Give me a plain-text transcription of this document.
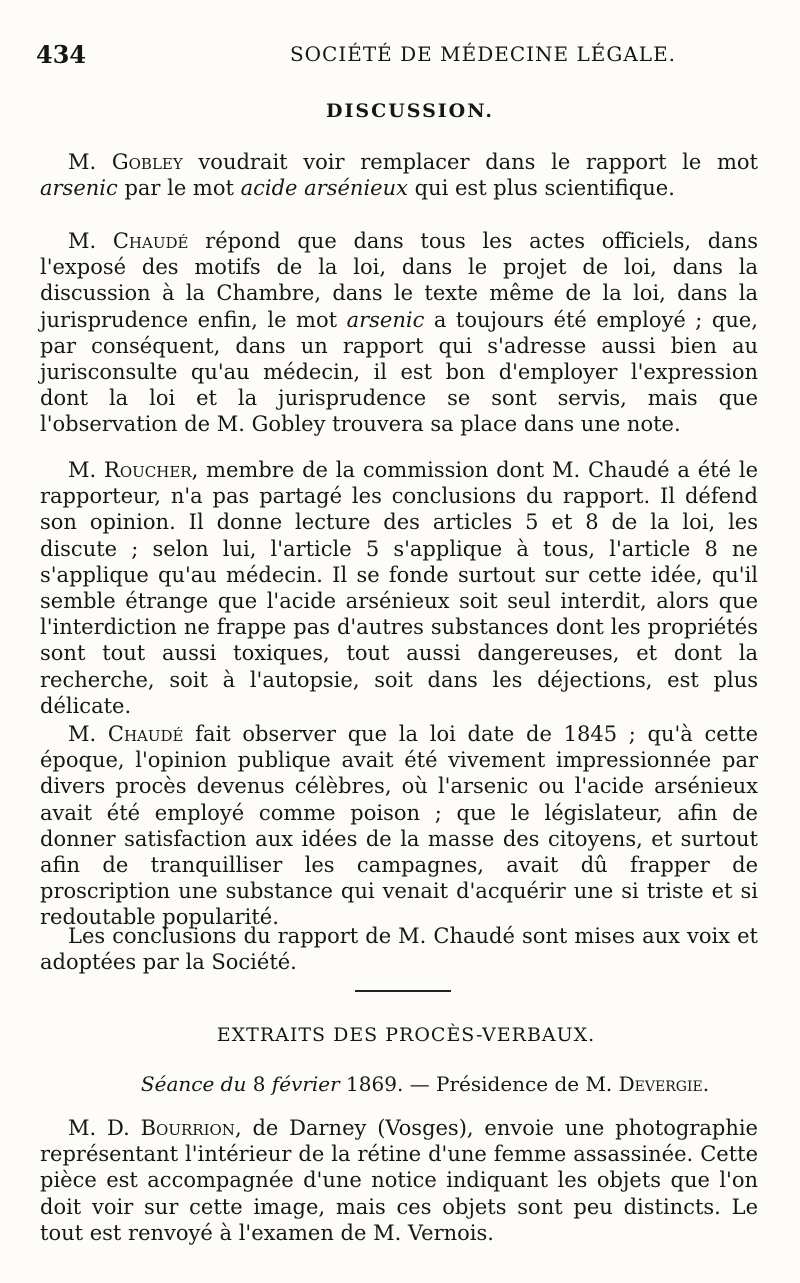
434	SOCIÉTÉ DE MÉDECINE LÉGALE.
DISCUSSION.

M. Gobley voudrait voir remplacer dans le rapport le mot arsenic par le mot acide arsénieux qui est plus scientifique.

M. Chaudé répond que dans tous les actes officiels, dans l'exposé des motifs de la loi, dans le projet de loi, dans la discussion à la Chambre, dans le texte même de la loi, dans la jurisprudence enfin, le mot arsenic a toujours été employé ; que, par conséquent, dans un rapport qui s'adresse aussi bien au jurisconsulte qu'au médecin, il est bon d'employer l'expression dont la loi et la jurisprudence se sont servis, mais que l'observation de M. Gobley trouvera sa place dans une note.

M. Roucher, membre de la commission dont M. Chaudé a été le rapporteur, n'a pas partagé les conclusions du rapport. Il défend son opinion. Il donne lecture des articles 5 et 8 de la loi, les discute ; selon lui, l'article 5 s'applique à tous, l'article 8 ne s'applique qu'au médecin. Il se fonde surtout sur cette idée, qu'il semble étrange que l'acide arsénieux soit seul interdit, alors que l'interdiction ne frappe pas d'autres substances dont les propriétés sont tout aussi toxiques, tout aussi dangereuses, et dont la recherche, soit à l'autopsie, soit dans les déjections, est plus délicate.

M. Chaudé fait observer que la loi date de 1845 ; qu'à cette époque, l'opinion publique avait été vivement impressionnée par divers procès devenus célèbres, où l'arsenic ou l'acide arsénieux avait été employé comme poison ; que le législateur, afin de donner satisfaction aux idées de la masse des citoyens, et surtout afin de tranquilliser les campagnes, avait dû frapper de proscription une substance qui venait d'acquérir une si triste et si redoutable popularité.

Les conclusions du rapport de M. Chaudé sont mises aux voix et adoptées par la Société.

EXTRAITS DES PROCÈS-VERBAUX.
Séance du 8 février 1869. — Présidence de M. Devergie.

M. D. Bourrion, de Darney (Vosges), envoie une photographie représentant l'intérieur de la rétine d'une femme assassinée. Cette pièce est accompagnée d'une notice indiquant les objets que l'on doit voir sur cette image, mais ces objets sont peu distincts. Le tout est renvoyé à l'examen de M. Vernois.
